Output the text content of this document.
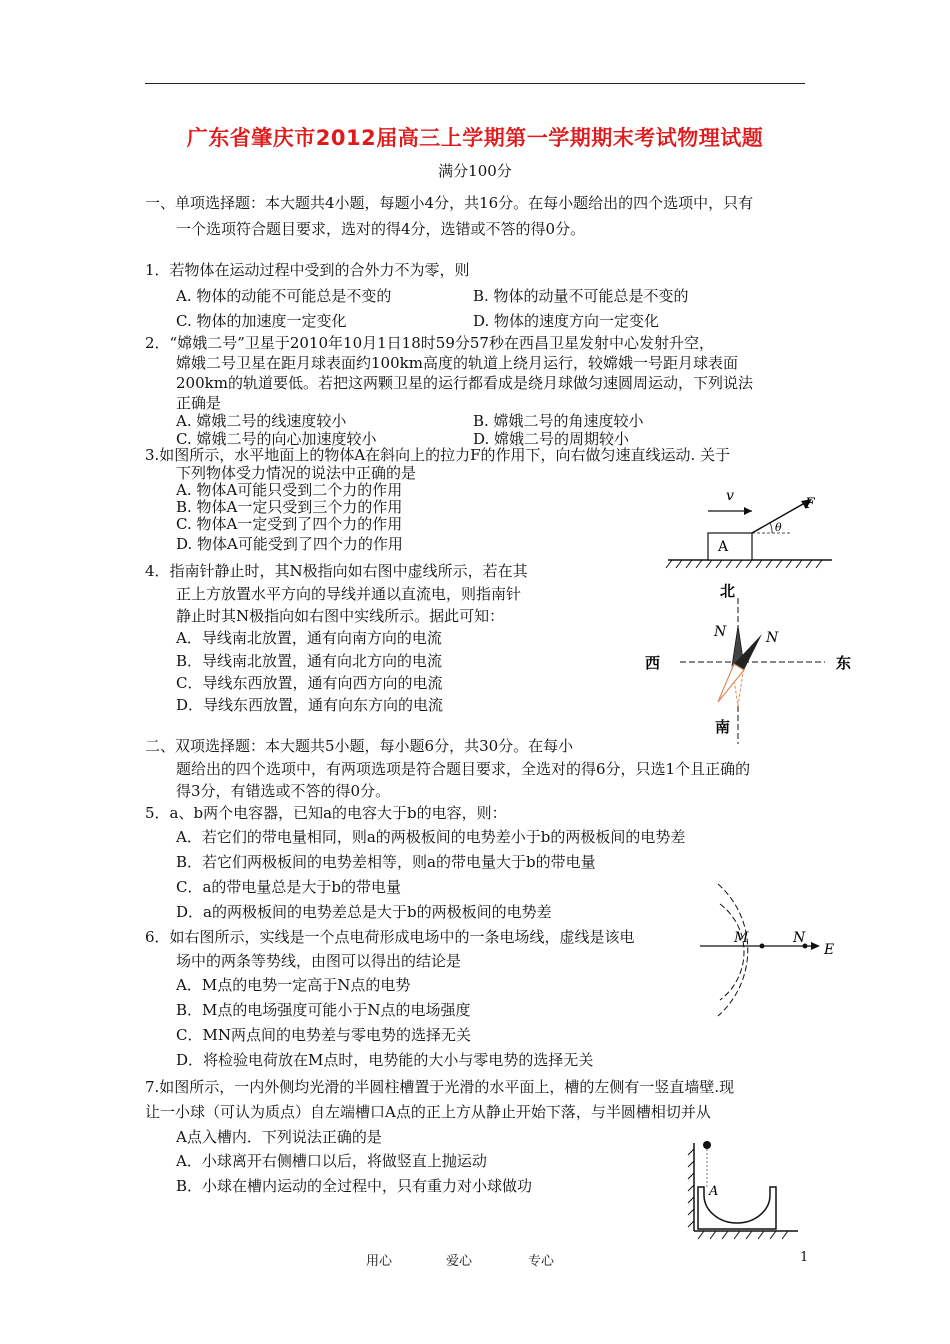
广东省肇庆市2012届高三上学期第一学期期末考试物理试题
满分100分
一、单项选择题：本大题共4小题，每题小4分，共16分。在每小题给出的四个选项中，只有
一个选项符合题目要求，选对的得4分，选错或不答的得0分。
1．若物体在运动过程中受到的合外力不为零，则
A. 物体的动能不可能总是不变的	B. 物体的动量不可能总是不变的
C. 物体的加速度一定变化	D. 物体的速度方向一定变化
2．“嫦娥二号”卫星于2010年10月1日18时59分57秒在西昌卫星发射中心发射升空，
嫦娥二号卫星在距月球表面约100km高度的轨道上绕月运行，较嫦娥一号距月球表面
200km的轨道要低。若把这两颗卫星的运行都看成是绕月球做匀速圆周运动，下列说法
正确是
A. 嫦娥二号的线速度较小	B. 嫦娥二号的角速度较小
C. 嫦娥二号的向心加速度较小	D. 嫦娥二号的周期较小
3.如图所示，水平地面上的物体A在斜向上的拉力F的作用下，向右做匀速直线运动. 关于
下列物体受力情况的说法中正确的是
A. 物体A可能只受到二个力的作用
B. 物体A一定只受到三个力的作用
C. 物体A一定受到了四个力的作用
D. 物体A可能受到了四个力的作用	A
v	F
θ
4．指南针静止时，其N极指向如右图中虚线所示，若在其
正上方放置水平方向的导线并通以直流电，则指南针
静止时其N极指向如右图中实线所示。据此可知：
A．导线南北放置，通有向南方向的电流
B．导线南北放置，通有向北方向的电流
C．导线东西放置，通有向西方向的电流
D．导线东西放置，通有向东方向的电流
北
南
西	东
N	N
二、双项选择题：本大题共5小题，每小题6分，共30分。在每小
题给出的四个选项中，有两项选项是符合题目要求，全选对的得6分，只选1个且正确的
得3分，有错选或不答的得0分。
5．a、b两个电容器，已知a的电容大于b的电容，则：
A．若它们的带电量相同，则a的两极板间的电势差小于b的两极板间的电势差
B．若它们两极板间的电势差相等，则a的带电量大于b的带电量
C．a的带电量总是大于b的带电量
D．a的两极板间的电势差总是大于b的两极板间的电势差
6．如右图所示，实线是一个点电荷形成电场中的一条电场线，虚线是该电
场中的两条等势线，由图可以得出的结论是
A．M点的电势一定高于N点的电势
B．M点的电场强度可能小于N点的电场强度
C．MN两点间的电势差与零电势的选择无关
D．将检验电荷放在M点时，电势能的大小与零电势的选择无关
M	N
E
7.如图所示，一内外侧均光滑的半圆柱槽置于光滑的水平面上，槽的左侧有一竖直墙壁.现
让一小球（可认为质点）自左端槽口A点的正上方从静止开始下落，与半圆槽相切并从
A点入槽内．下列说法正确的是
A．小球离开右侧槽口以后，将做竖直上抛运动
B．小球在槽内运动的全过程中，只有重力对小球做功	A
用心	爱心	专心	1
